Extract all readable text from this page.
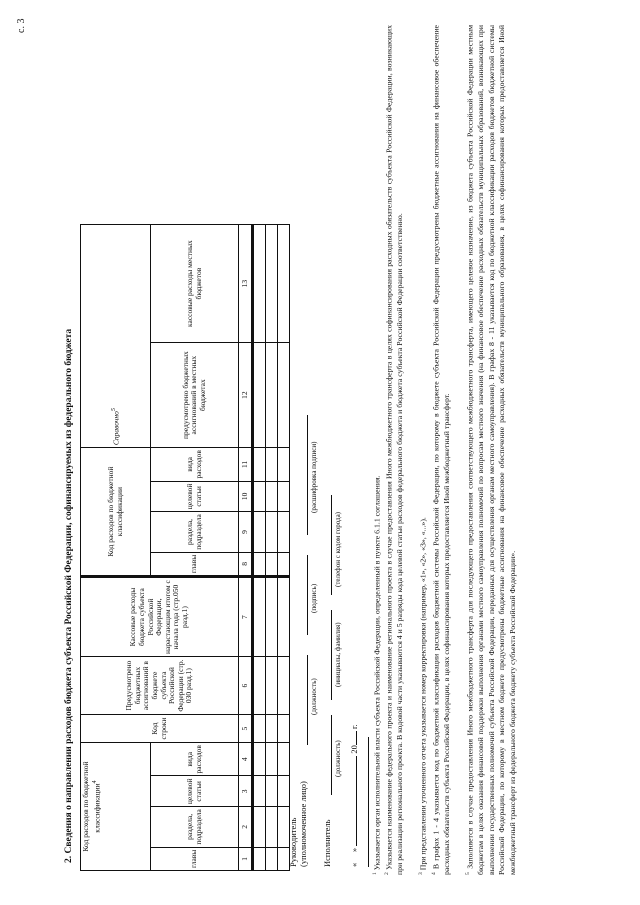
с. 3
2. Сведения о направлении расходов бюджета субъекта Российской Федерации, софинансируемых из федерального бюджета Код расходов по бюджетной классификации$^4$				Код строки	Предусмотрено бюджетных ассигнований в бюджете субъекта Российской Федерации (стр. 030 разд.1)	Кассовые расходы бюджета субъекта Российской Федерации, нарастающим итогом с начала года (стр.050 разд.1)	Код расходов по бюджетной классификации				Справочно$^5$
главы	раздела, подраздела	целевой статьи	вида расходов				главы	раздела, подраздела	целевой статьи	вида расходов	предусмотрено бюджетных ассигнований в местных бюджетах	кассовые расходы местных бюджетов
1	2	3	4	5	6	7	8	9	10	11	12	13

Руководитель (уполномоченное лицо)
(должность)
(подпись)
(расшифровка подписи)
Исполнитель
(должность)
(инициалы, фамилия)
(телефон с кодом города)
«     »  20 г.
$^1$ Указывается орган исполнительной власти субъекта Российской Федерации, определенный в пункте 6.1.1 соглашения.
$^2$ Указывается наименование федерального проекта и наименование регионального проекта в случае предоставления Иного межбюджетного трансферта в целях софинансирования расходных обязательств субъекта Российской Федерации, возникающих при реализации регионального проекта. В кодовой части указываются 4 и 5 разряды кода целевой статьи расходов федерального бюджета и бюджета субъекта Российской Федерации соответственно.	$^3$ При представлении уточненного отчета указывается номер корректировки (например, «1», «2», «3», «...»).
$^4$ В графах 1 - 4 указывается код по бюджетной классификации расходов бюджетной системы Российской Федерации, по которому в бюджете субъекта Российской Федерации предусмотрены бюджетные ассигнования на финансовое обеспечение расходных обязательств субъекта Российской Федерации, в целях софинансирования которых предоставляется Иной межбюджетный трансферт.	$^5$ Заполняется в случае предоставления Иного межбюджетного трансферта для последующего предоставления соответствующего межбюджетного трансферта, имеющего целевое назначение, из бюджета субъекта Российской Федерации местным бюджетам в целях оказания финансовой поддержки выполнения органами местного самоуправления полномочий по вопросам местного значения (на финансовое обеспечение расходных обязательств муниципальных образований, возникающих при выполнении государственных полномочий субъекта Российской Федерации, переданных для осуществления органам местного самоуправления). В графах 8 - 11 указывается код по бюджетной классификации расходов бюджетов бюджетной системы Российской Федерации, по которому в местном бюджете предусмотрены бюджетные ассигнования на финансовое обеспечение расходных обязательств муниципального образования, в целях софинансирования которых предоставляется Иной межбюджетный трансферт из федерального бюджета бюджету субъекта Российской Федерации».
